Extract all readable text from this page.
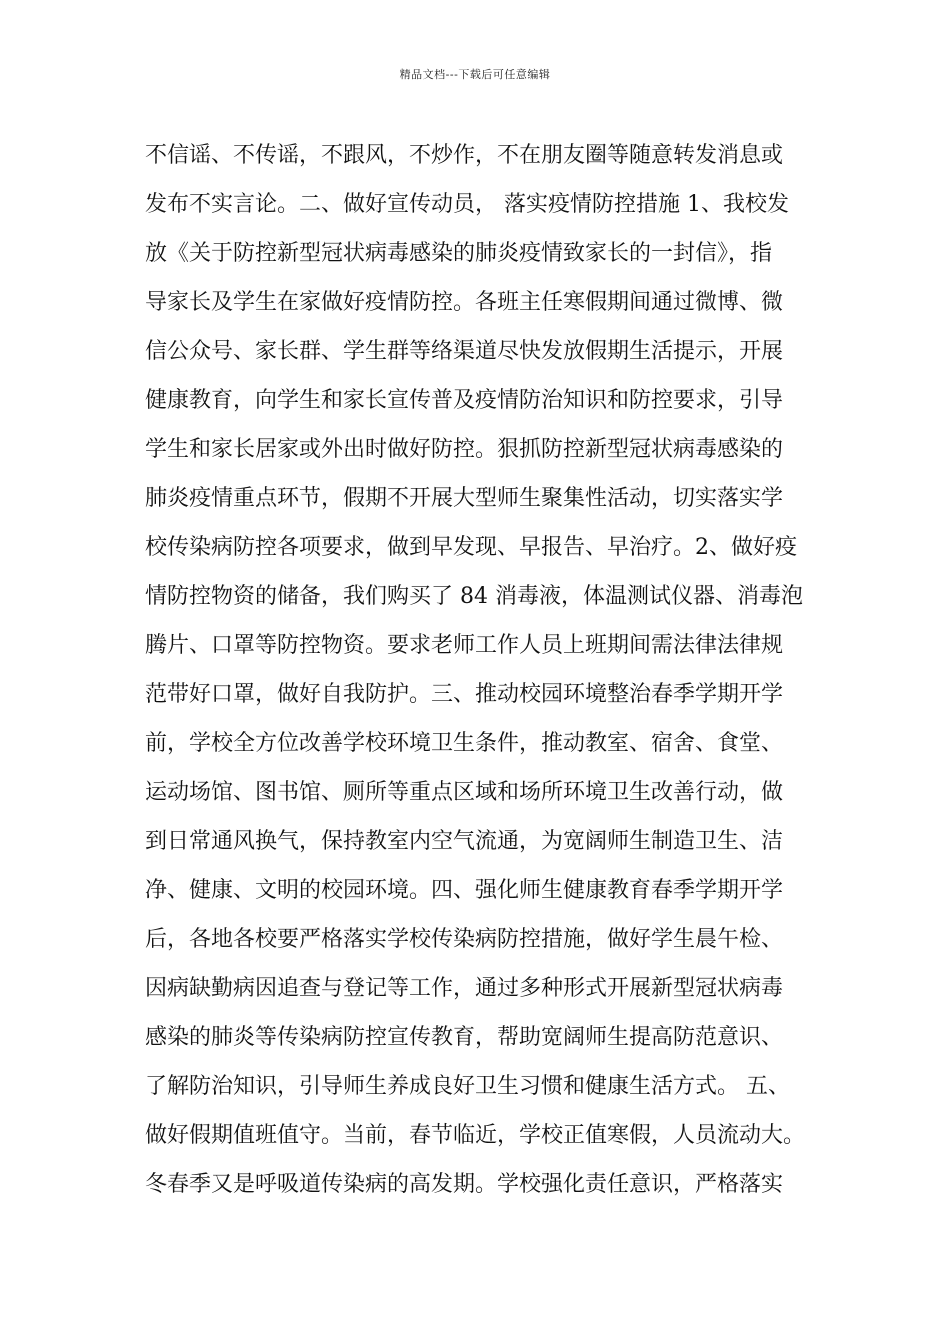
精品文档---下载后可任意编辑
不信谣、不传谣，不跟风，不炒作，不在朋友圈等随意转发消息或
发布不实言论。二、做好宣传动员， 落实疫情防控措施 1、我校发
放《关于防控新型冠状病毒感染的肺炎疫情致家长的一封信》，指
导家长及学生在家做好疫情防控。各班主任寒假期间通过微博、微
信公众号、家长群、学生群等络渠道尽快发放假期生活提示，开展
健康教育，向学生和家长宣传普及疫情防治知识和防控要求，引导
学生和家长居家或外出时做好防控。狠抓防控新型冠状病毒感染的
肺炎疫情重点环节，假期不开展大型师生聚集性活动，切实落实学
校传染病防控各项要求，做到早发现、早报告、早治疗。2、做好疫
情防控物资的储备，我们购买了 84 消毒液，体温测试仪器、消毒泡
腾片、口罩等防控物资。要求老师工作人员上班期间需法律法律规
范带好口罩，做好自我防护。三、推动校园环境整治春季学期开学
前，学校全方位改善学校环境卫生条件，推动教室、宿舍、食堂、
运动场馆、图书馆、厕所等重点区域和场所环境卫生改善行动，做
到日常通风换气，保持教室内空气流通，为宽阔师生制造卫生、洁
净、健康、文明的校园环境。四、强化师生健康教育春季学期开学
后，各地各校要严格落实学校传染病防控措施，做好学生晨午检、
因病缺勤病因追查与登记等工作，通过多种形式开展新型冠状病毒
感染的肺炎等传染病防控宣传教育，帮助宽阔师生提高防范意识、
了解防治知识，引导师生养成良好卫生习惯和健康生活方式。 五、
做好假期值班值守。当前，春节临近，学校正值寒假，人员流动大。
冬春季又是呼吸道传染病的高发期。学校强化责任意识，严格落实
